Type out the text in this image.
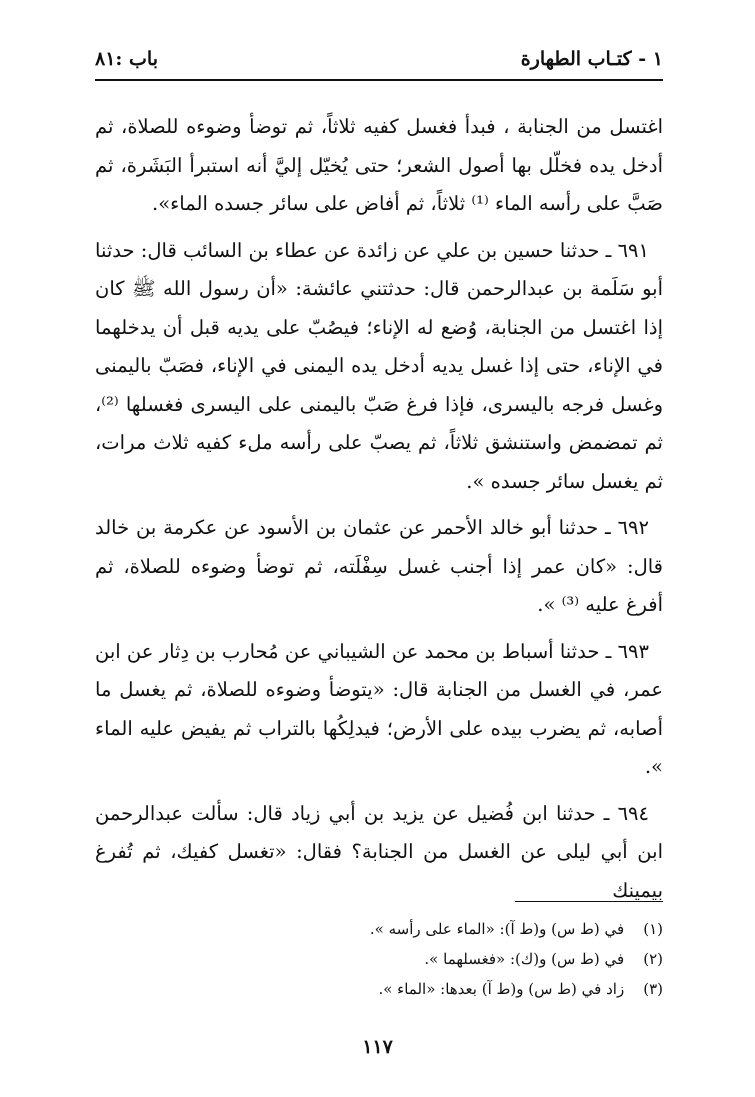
١ - كتـاب الطهارة
باب :٨١

اغتسل من الجنابة ، فبدأ فغسل كفيه ثلاثاً، ثم توضأ وضوءه للصلاة، ثم أدخل يده فخلّل بها أصول الشعر؛ حتى يُخيّل إليَّ أنه استبرأ البَشَرة، ثم صَبَّ على رأسه الماء ⁽¹⁾ ثلاثاً، ثم أفاض على سائر جسده الماء».

٦٩١ ـ حدثنا حسين بن علي عن زائدة عن عطاء بن السائب قال: حدثنا أبو سَلَمة بن عبدالرحمن قال: حدثتني عائشة: «أن رسول الله ﷺ كان إذا اغتسل من الجنابة، وُضع له الإناء؛ فيصُبّ على يديه قبل أن يدخلهما في الإناء، حتى إذا غسل يديه أدخل يده اليمنى في الإناء، فصَبّ باليمنى وغسل فرجه باليسرى، فإذا فرغ صَبّ باليمنى على اليسرى فغسلها ⁽²⁾، ثم تمضمض واستنشق ثلاثاً، ثم يصبّ على رأسه ملء كفيه ثلاث مرات، ثم يغسل سائر جسده ».

٦٩٢ ـ حدثنا أبو خالد الأحمر عن عثمان بن الأسود عن عكرمة بن خالد قال: «كان عمر إذا أجنب غسل سِفْلَته، ثم توضأ وضوءه للصلاة، ثم أفرغ عليه ⁽³⁾ ».

٦٩٣ ـ حدثنا أسباط بن محمد عن الشيباني عن مُحارب بن دِثار عن ابن عمر، في الغسل من الجنابة قال: «يتوضأ وضوءه للصلاة، ثم يغسل ما أصابه، ثم يضرب بيده على الأرض؛ فيدلِكُها بالتراب ثم يفيض عليه الماء ».

٦٩٤ ـ حدثنا ابن فُضيل عن يزيد بن أبي زياد قال: سألت عبدالرحمن ابن أبي ليلى عن الغسل من الجنابة؟ فقال: «تغسل كفيك، ثم تُفرغ بيمينك

(١) في (ط س) و(ط آ): «الماء على رأسه ».
(٢) في (ط س) و(ك): «فغسلهما ».
(٣) زاد في (ط س) و(ط آ) بعدها: «الماء ».
١١٧
